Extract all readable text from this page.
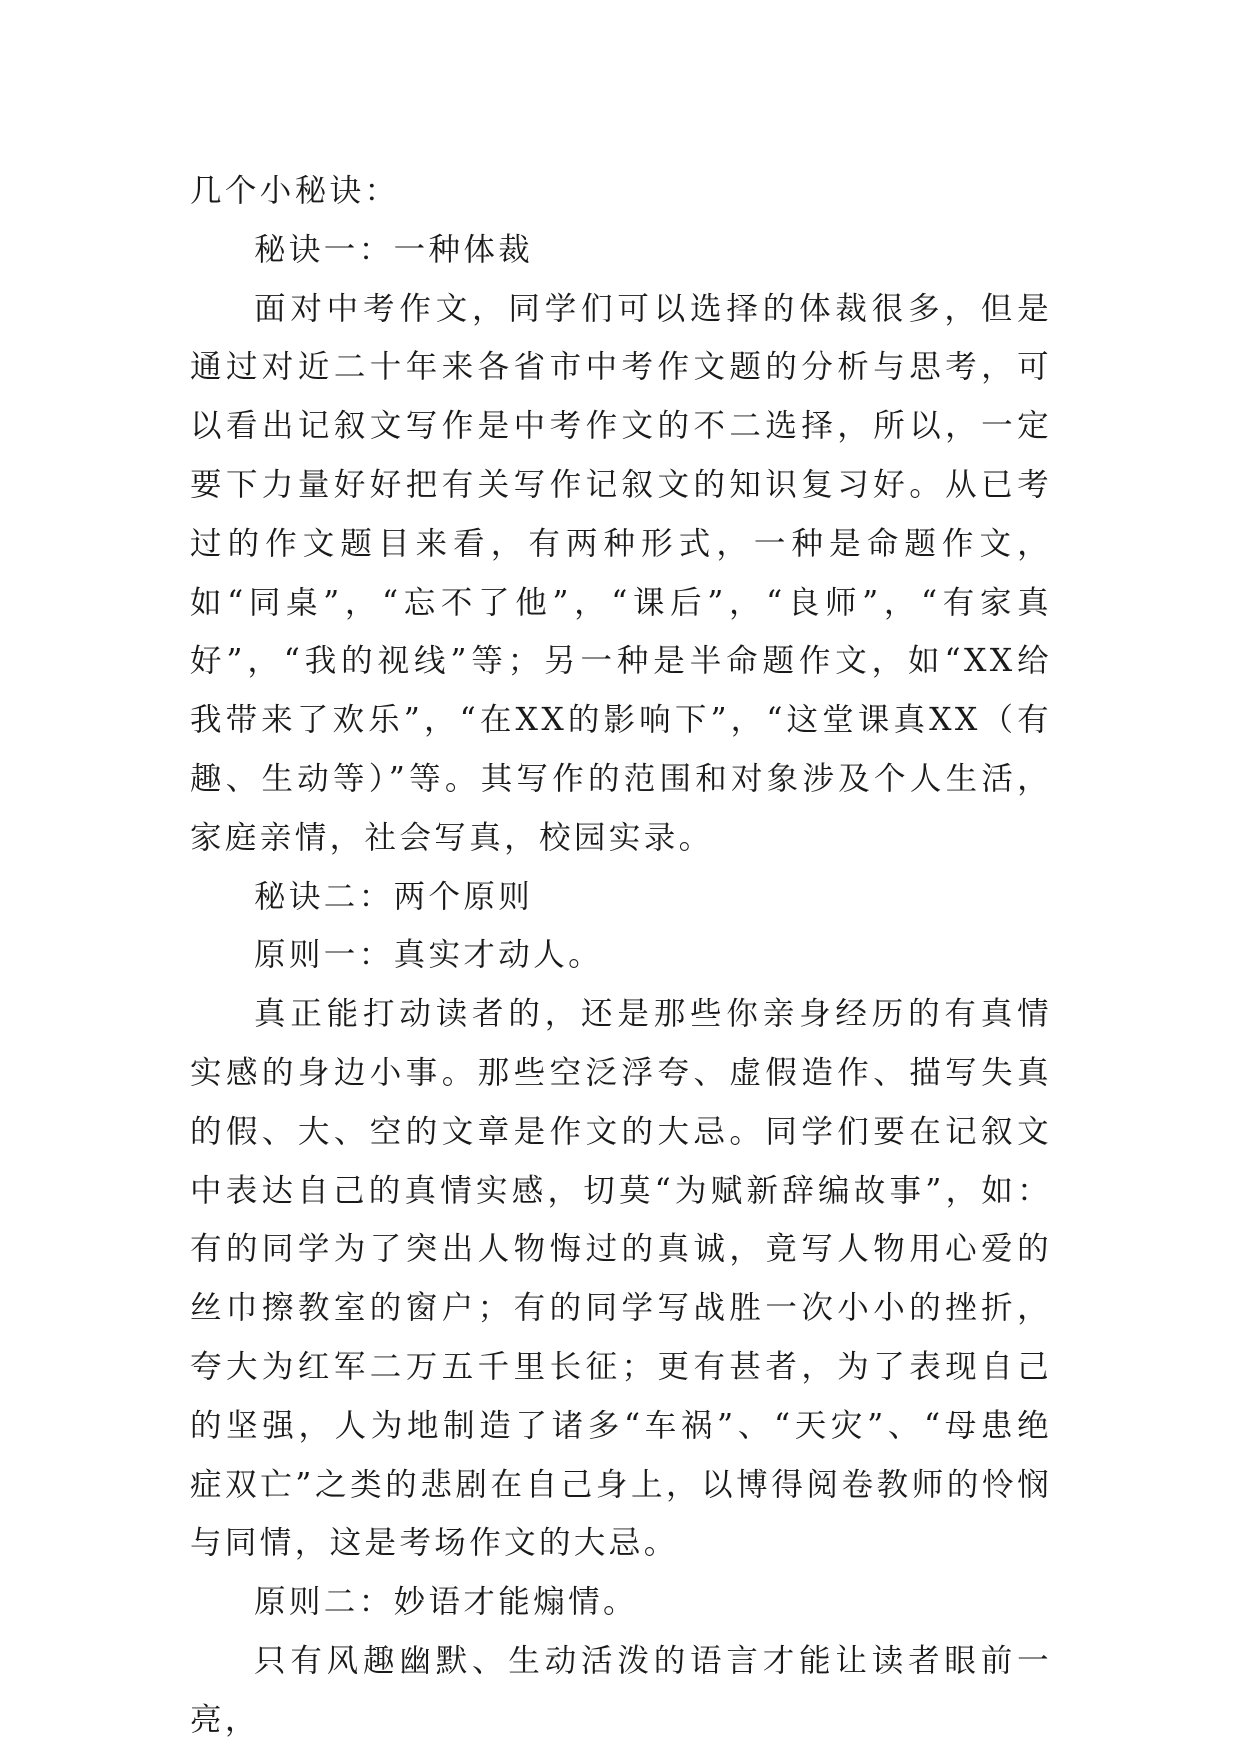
几个小秘诀：

秘诀一：一种体裁

面对中考作文，同学们可以选择的体裁很多，但是通过对近二十年来各省市中考作文题的分析与思考，可以看出记叙文写作是中考作文的不二选择，所以，一定要下力量好好把有关写作记叙文的知识复习好。从已考过的作文题目来看，有两种形式，一种是命题作文，如“同桌”，“忘不了他”，“课后”，“良师”，“有家真好”，“我的视线”等；另一种是半命题作文，如“XX给我带来了欢乐”，“在XX的影响下”，“这堂课真XX（有趣、生动等）”等。其写作的范围和对象涉及个人生活，家庭亲情，社会写真，校园实录。

秘诀二：两个原则

原则一：真实才动人。

真正能打动读者的，还是那些你亲身经历的有真情实感的身边小事。那些空泛浮夸、虚假造作、描写失真的假、大、空的文章是作文的大忌。同学们要在记叙文中表达自己的真情实感，切莫“为赋新辞编故事”，如：有的同学为了突出人物悔过的真诚，竟写人物用心爱的丝巾擦教室的窗户；有的同学写战胜一次小小的挫折，夸大为红军二万五千里长征；更有甚者，为了表现自己的坚强，人为地制造了诸多“车祸”、“天灾”、“母患绝症双亡”之类的悲剧在自己身上，以博得阅卷教师的怜悯与同情，这是考场作文的大忌。

原则二：妙语才能煽情。

只有风趣幽默、生动活泼的语言才能让读者眼前一亮，
